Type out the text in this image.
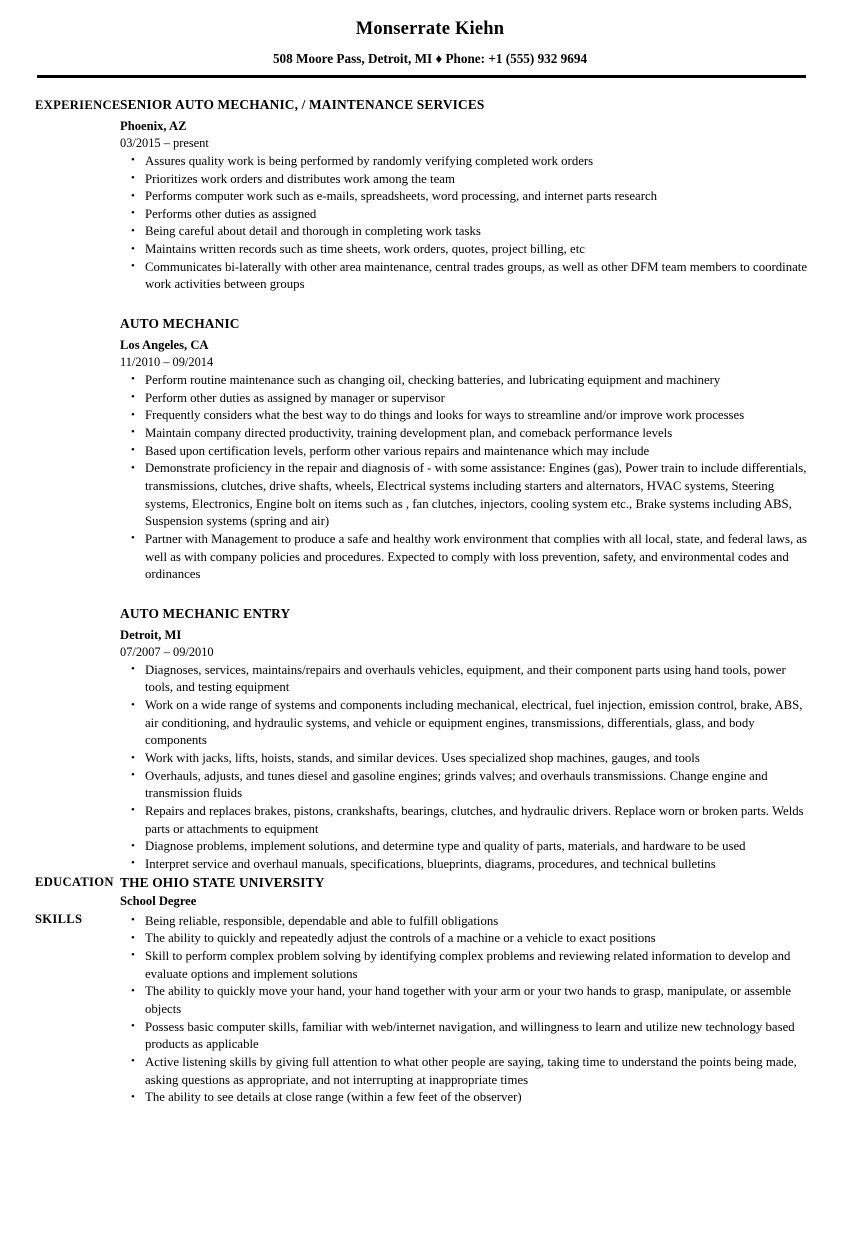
Monserrate Kiehn
508 Moore Pass, Detroit, MI ♦ Phone: +1 (555) 932 9694
EXPERIENCE SENIOR AUTO MECHANIC, / MAINTENANCE SERVICES
Phoenix, AZ
03/2015 – present
• Assures quality work is being performed by randomly verifying completed work orders
• Prioritizes work orders and distributes work among the team
• Performs computer work such as e-mails, spreadsheets, word processing, and internet parts research
• Performs other duties as assigned
• Being careful about detail and thorough in completing work tasks
• Maintains written records such as time sheets, work orders, quotes, project billing, etc
• Communicates bi-laterally with other area maintenance, central trades groups, as well as other DFM team members to coordinate work activities between groups
AUTO MECHANIC
Los Angeles, CA
11/2010 – 09/2014
• Perform routine maintenance such as changing oil, checking batteries, and lubricating equipment and machinery
• Perform other duties as assigned by manager or supervisor
• Frequently considers what the best way to do things and looks for ways to streamline and/or improve work processes
• Maintain company directed productivity, training development plan, and comeback performance levels
• Based upon certification levels, perform other various repairs and maintenance which may include
• Demonstrate proficiency in the repair and diagnosis of - with some assistance: Engines (gas), Power train to include differentials, transmissions, clutches, drive shafts, wheels, Electrical systems including starters and alternators, HVAC systems, Steering systems, Electronics, Engine bolt on items such as , fan clutches, injectors, cooling system etc., Brake systems including ABS, Suspension systems (spring and air)
• Partner with Management to produce a safe and healthy work environment that complies with all local, state, and federal laws, as well as with company policies and procedures. Expected to comply with loss prevention, safety, and environmental codes and ordinances
AUTO MECHANIC ENTRY
Detroit, MI
07/2007 – 09/2010
• Diagnoses, services, maintains/repairs and overhauls vehicles, equipment, and their component parts using hand tools, power tools, and testing equipment
• Work on a wide range of systems and components including mechanical, electrical, fuel injection, emission control, brake, ABS, air conditioning, and hydraulic systems, and vehicle or equipment engines, transmissions, differentials, glass, and body components
• Work with jacks, lifts, hoists, stands, and similar devices. Uses specialized shop machines, gauges, and tools
• Overhauls, adjusts, and tunes diesel and gasoline engines; grinds valves; and overhauls transmissions. Change engine and transmission fluids
• Repairs and replaces brakes, pistons, crankshafts, bearings, clutches, and hydraulic drivers. Replace worn or broken parts. Welds parts or attachments to equipment
• Diagnose problems, implement solutions, and determine type and quality of parts, materials, and hardware to be used
• Interpret service and overhaul manuals, specifications, blueprints, diagrams, procedures, and technical bulletins
EDUCATION THE OHIO STATE UNIVERSITY
School Degree
SKILLS	• Being reliable, responsible, dependable and able to fulfill obligations
• The ability to quickly and repeatedly adjust the controls of a machine or a vehicle to exact positions
• Skill to perform complex problem solving by identifying complex problems and reviewing related information to develop and evaluate options and implement solutions
• The ability to quickly move your hand, your hand together with your arm or your two hands to grasp, manipulate, or assemble objects
• Possess basic computer skills, familiar with web/internet navigation, and willingness to learn and utilize new technology based products as applicable
• Active listening skills by giving full attention to what other people are saying, taking time to understand the points being made, asking questions as appropriate, and not interrupting at inappropriate times
• The ability to see details at close range (within a few feet of the observer)
